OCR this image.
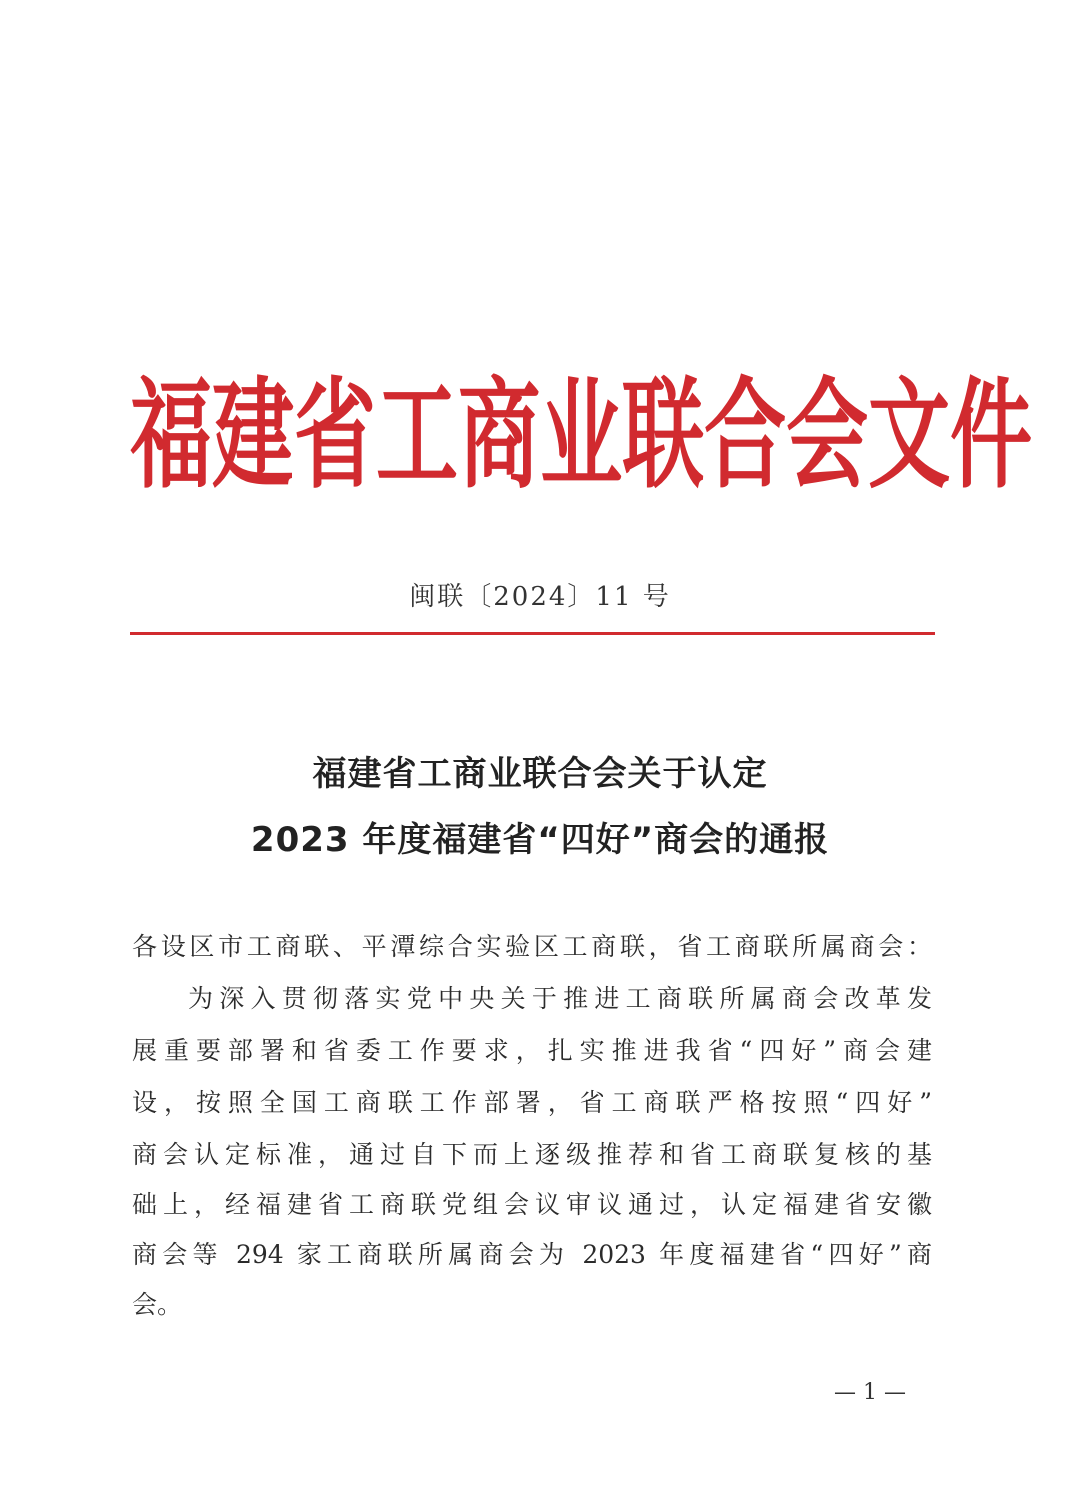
福 建 省 工 商 业 联 合 会 文 件
闽联〔2024〕11 号
福建省工商业联合会关于认定
2023 年度福建省“四好”商会的通报
各设区市工商联、平潭综合实验区工商联，省工商联所属商会：
为深入贯彻落实党中央关于推进工商联所属商会改革发
展重要部署和省委工作要求，扎实推进我省“四好”商会建
设，按照全国工商联工作部署，省工商联严格按照“四好”
商会认定标准，通过自下而上逐级推荐和省工商联复核的基
础上，经福建省工商联党组会议审议通过，认定福建省安徽
商会等 294 家工商联所属商会为 2023 年度福建省“四好”商
会。
— 1 —
